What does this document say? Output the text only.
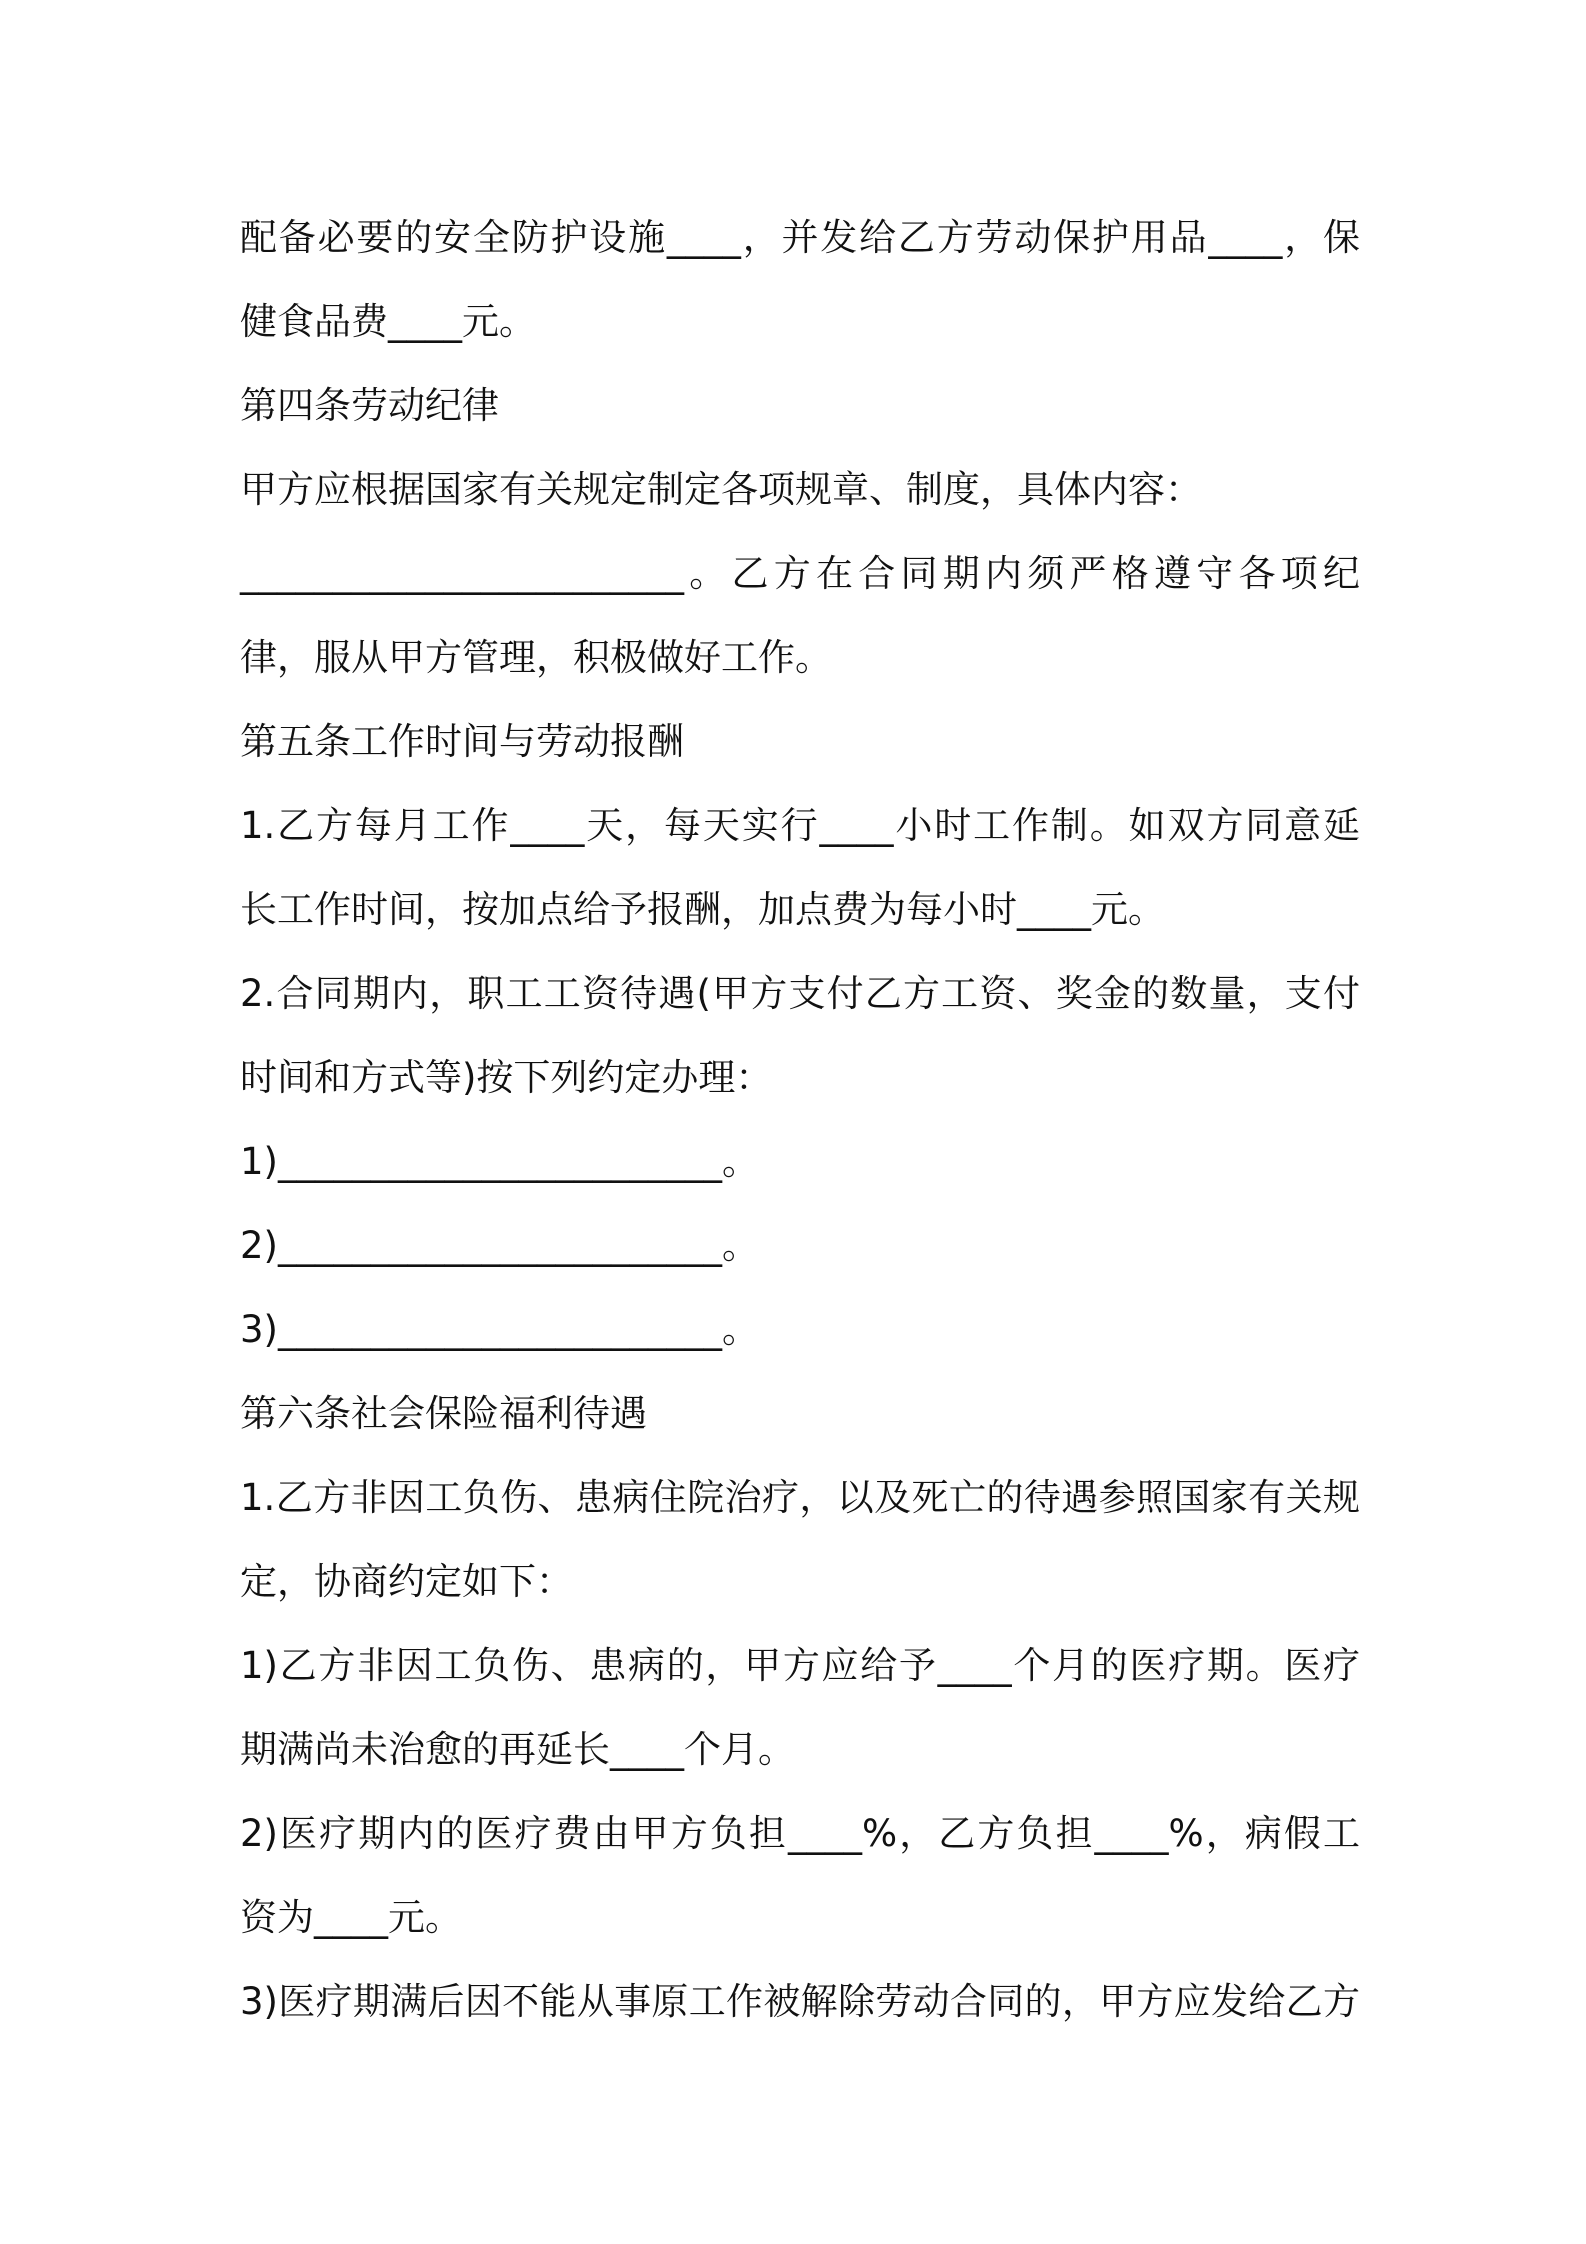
配备必要的安全防护设施____，并发给乙方劳动保护用品____，保
健食品费____元。
第四条劳动纪律
甲方应根据国家有关规定制定各项规章、制度，具体内容：
________________________。乙方在合同期内须严格遵守各项纪
律，服从甲方管理，积极做好工作。
第五条工作时间与劳动报酬
1.乙方每月工作____天，每天实行____小时工作制。如双方同意延
长工作时间，按加点给予报酬，加点费为每小时____元。
2.合同期内，职工工资待遇(甲方支付乙方工资、奖金的数量，支付
时间和方式等)按下列约定办理：
1)________________________。
2)________________________。
3)________________________。
第六条社会保险福利待遇
1.乙方非因工负伤、患病住院治疗，以及死亡的待遇参照国家有关规
定，协商约定如下：
1)乙方非因工负伤、患病的，甲方应给予____个月的医疗期。医疗
期满尚未治愈的再延长____个月。
2)医疗期内的医疗费由甲方负担____%，乙方负担____%，病假工
资为____元。
3)医疗期满后因不能从事原工作被解除劳动合同的，甲方应发给乙方
